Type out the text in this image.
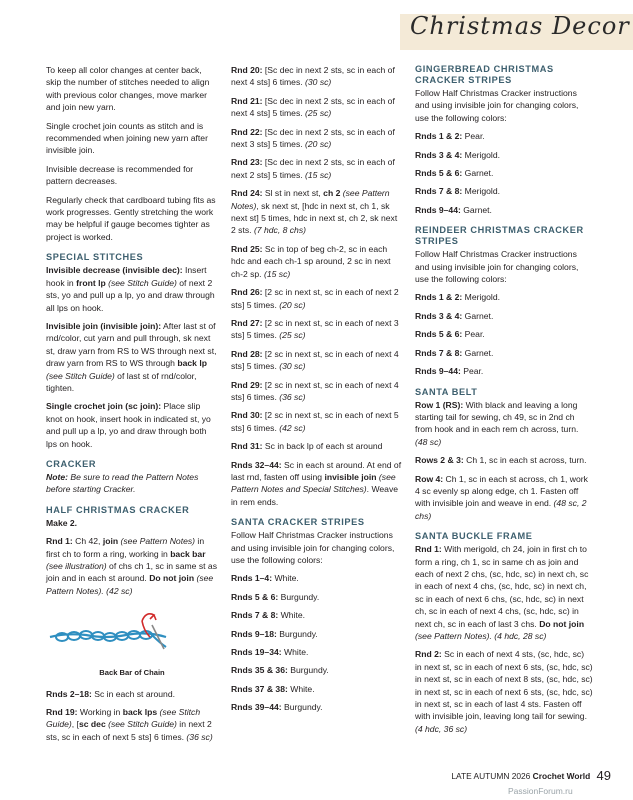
Christmas Decor

To keep all color changes at center back, skip the number of stitches needed to align with previous color changes, move marker and join new yarn.

Single crochet join counts as stitch and is recommended when joining new yarn after invisible join.

Invisible decrease is recommended for pattern decreases.

Regularly check that cardboard tubing fits as work progresses. Gently stretching the work may be helpful if gauge becomes tighter as project is worked.

SPECIAL STITCHES

Invisible decrease (invisible dec): Insert hook in front lp (see Stitch Guide) of next 2 sts, yo and pull up a lp, yo and draw through all lps on hook.

Invisible join (invisible join): After last st of rnd/color, cut yarn and pull through, sk next st, draw yarn from RS to WS through next st, draw yarn from RS to WS through back lp (see Stitch Guide) of last st of rnd/color, tighten.

Single crochet join (sc join): Place slip knot on hook, insert hook in indicated st, yo and pull up a lp, yo and draw through both lps on hook.

CRACKER

Note: Be sure to read the Pattern Notes before starting Cracker.

HALF CHRISTMAS CRACKER

Make 2.

Rnd 1: Ch 42, join (see Pattern Notes) in first ch to form a ring, working in back bar (see illustration) of chs ch 1, sc in same st as join and in each st around. Do not join (see Pattern Notes). (42 sc)

Back Bar of Chain

Rnds 2–18: Sc in each st around.

Rnd 19: Working in back lps (see Stitch Guide), [sc dec (see Stitch Guide) in next 2 sts, sc in each of next 5 sts] 6 times. (36 sc)

Rnd 20: [Sc dec in next 2 sts, sc in each of next 4 sts] 6 times. (30 sc)

Rnd 21: [Sc dec in next 2 sts, sc in each of next 4 sts] 5 times. (25 sc)

Rnd 22: [Sc dec in next 2 sts, sc in each of next 3 sts] 5 times. (20 sc)

Rnd 23: [Sc dec in next 2 sts, sc in each of next 2 sts] 5 times. (15 sc)

Rnd 24: Sl st in next st, ch 2 (see Pattern Notes), sk next st, [hdc in next st, ch 1, sk next st] 5 times, hdc in next st, ch 2, sk next 2 sts. (7 hdc, 8 chs)

Rnd 25: Sc in top of beg ch-2, sc in each hdc and each ch-1 sp around, 2 sc in next ch-2 sp. (15 sc)

Rnd 26: [2 sc in next st, sc in each of next 2 sts] 5 times. (20 sc)

Rnd 27: [2 sc in next st, sc in each of next 3 sts] 5 times. (25 sc)

Rnd 28: [2 sc in next st, sc in each of next 4 sts] 5 times. (30 sc)

Rnd 29: [2 sc in next st, sc in each of next 4 sts] 6 times. (36 sc)

Rnd 30: [2 sc in next st, sc in each of next 5 sts] 6 times. (42 sc)

Rnd 31: Sc in back lp of each st around

Rnds 32–44: Sc in each st around. At end of last rnd, fasten off using invisible join (see Pattern Notes and Special Stitches). Weave in rem ends.

SANTA CRACKER STRIPES

Follow Half Christmas Cracker instructions and using invisible join for changing colors, use the following colors:

Rnds 1–4: White.

Rnds 5 & 6: Burgundy.

Rnds 7 & 8: White.

Rnds 9–18: Burgundy.

Rnds 19–34: White.

Rnds 35 & 36: Burgundy.

Rnds 37 & 38: White.

Rnds 39–44: Burgundy.

GINGERBREAD CHRISTMAS CRACKER STRIPES

Follow Half Christmas Cracker instructions and using invisible join for changing colors, use the following colors:

Rnds 1 & 2: Pear.

Rnds 3 & 4: Merigold.

Rnds 5 & 6: Garnet.

Rnds 7 & 8: Merigold.

Rnds 9–44: Garnet.

REINDEER CHRISTMAS CRACKER STRIPES

Follow Half Christmas Cracker instructions and using invisible join for changing colors, use the following colors:

Rnds 1 & 2: Merigold.

Rnds 3 & 4: Garnet.

Rnds 5 & 6: Pear.

Rnds 7 & 8: Garnet.

Rnds 9–44: Pear.

SANTA BELT

Row 1 (RS): With black and leaving a long starting tail for sewing, ch 49, sc in 2nd ch from hook and in each rem ch across, turn. (48 sc)

Rows 2 & 3: Ch 1, sc in each st across, turn.

Row 4: Ch 1, sc in each st across, ch 1, work 4 sc evenly sp along edge, ch 1. Fasten off with invisible join and weave in end. (48 sc, 2 chs)

SANTA BUCKLE FRAME

Rnd 1: With merigold, ch 24, join in first ch to form a ring, ch 1, sc in same ch as join and each of next 2 chs, (sc, hdc, sc) in next ch, sc in each of next 4 chs, (sc, hdc, sc) in next ch, sc in each of next 6 chs, (sc, hdc, sc) in next ch, sc in each of next 4 chs, (sc, hdc, sc) in next ch, sc in each of last 3 chs. Do not join (see Pattern Notes). (4 hdc, 28 sc)

Rnd 2: Sc in each of next 4 sts, (sc, hdc, sc) in next st, sc in each of next 6 sts, (sc, hdc, sc) in next st, sc in each of next 8 sts, (sc, hdc, sc) in next st, sc in each of next 6 sts, (sc, hdc, sc) in next st, sc in each of last 4 sts. Fasten off with invisible join, leaving long tail for sewing. (4 hdc, 36 sc)

LATE AUTUMN 2026 Crochet World 49
PassionForum.ru
